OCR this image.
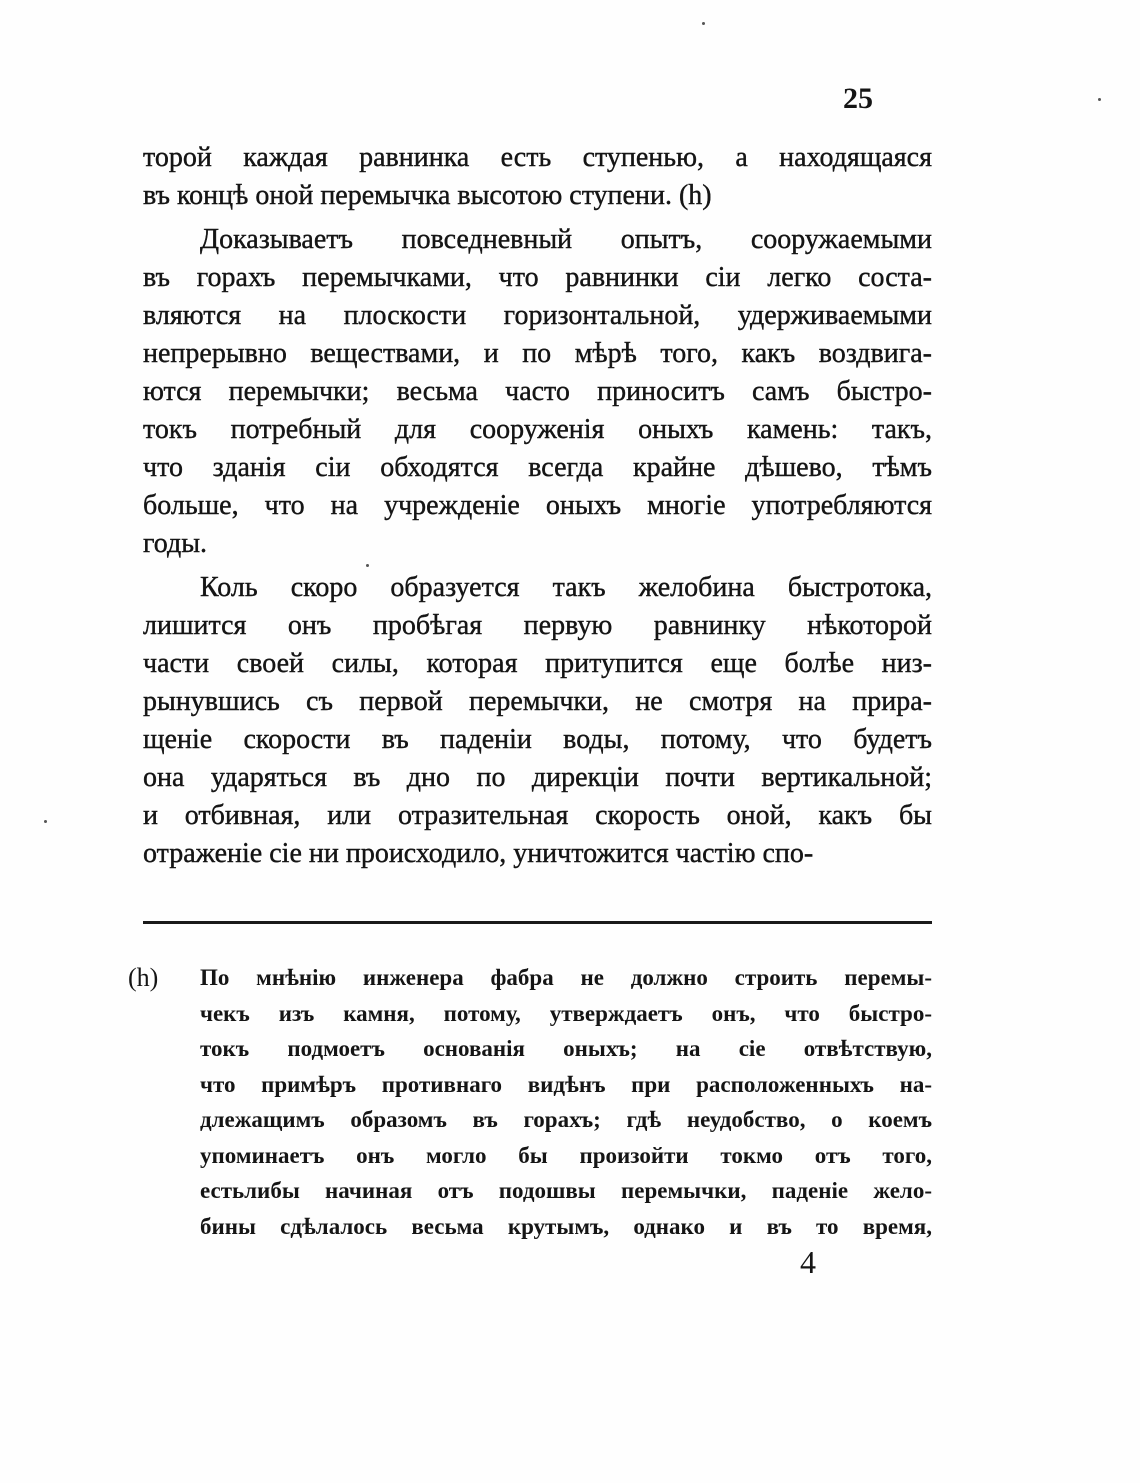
25
торой каждая равнинка есть ступенью, а находящаяся
въ концѣ оной перемычка высотою ступени. (h)
Доказываетъ повседневный опытъ, сооружаемыми
въ горахъ перемычками, что равнинки сіи легко соста-
вляются на плоскости горизонтальной, удерживаемыми
непрерывно веществами, и по мѣрѣ того, какъ воздвига-
ются перемычки; весьма часто приноситъ самъ быстро-
токъ потребный для сооруженія оныхъ камень: такъ,
что зданія сіи обходятся всегда крайне дѣшево, тѣмъ
больше, что на учрежденіе оныхъ многіе употребляются
годы.
Коль скоро образуется такъ желобина быстротока,
лишится онъ пробѣгая первую равнинку нѣкоторой
части своей силы, которая притупится еще болѣе низ-
рынувшись съ первой перемычки, не смотря на прира-
щеніе скорости въ паденіи воды, потому, что будетъ
она ударяться въ дно по дирекціи почти вертикальной;
и отбивная, или отразительная скорость оной, какъ бы
отраженіе сіе ни происходило, уничтожится частію спо-
(h) По мнѣнію инженера фабра не должно строить перемы-
чекъ изъ камня, потому, утверждаетъ онъ, что быстро-
токъ подмоетъ основанія оныхъ; на сіе отвѣтствую,
что примѣръ противнаго видѣнъ при расположенныхъ на-
длежащимъ образомъ въ горахъ; гдѣ неудобство, о коемъ
упоминаетъ онъ могло бы произойти токмо отъ того,
естьлибы начиная отъ подошвы перемычки, паденіе жело-
бины сдѣлалось весьма крутымъ, однако и въ то время,
4
